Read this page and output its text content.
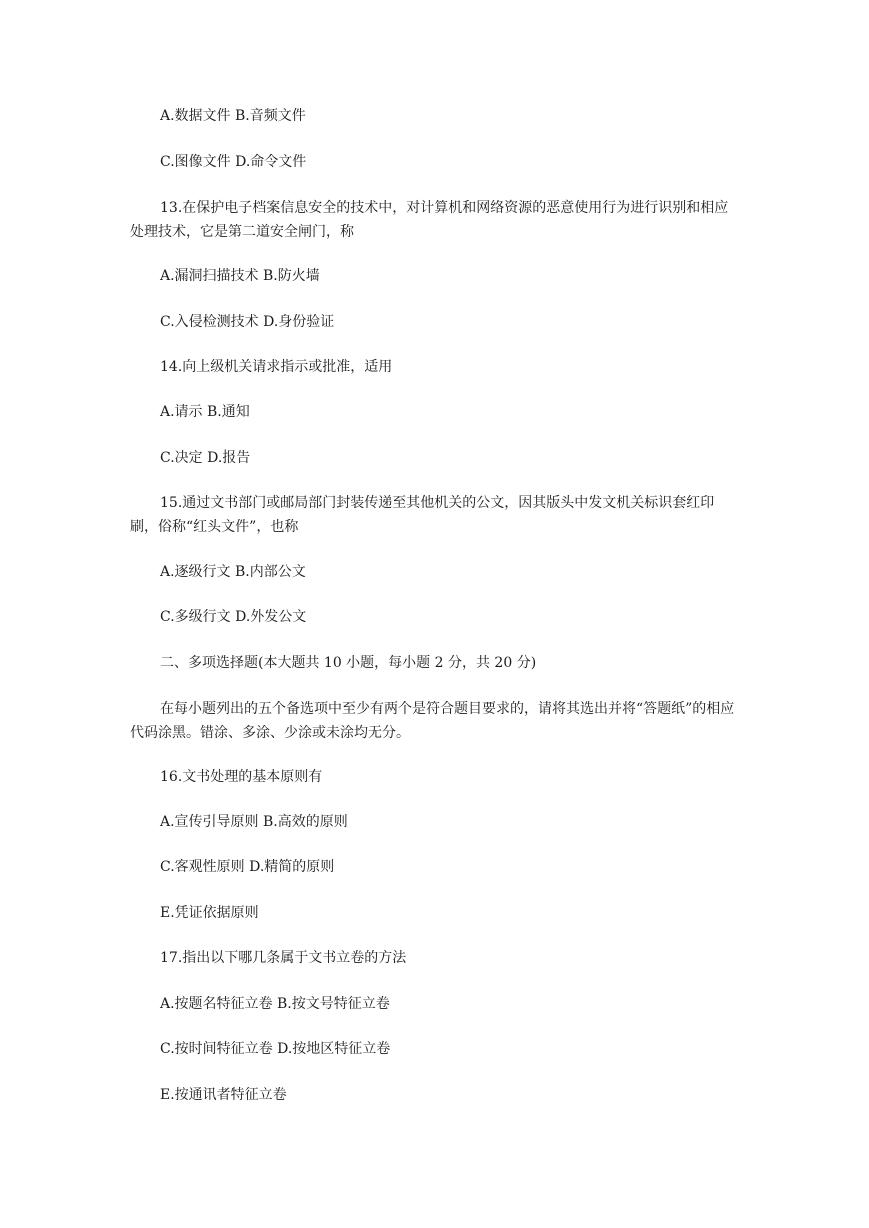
A.数据文件 B.音频文件
C.图像文件 D.命令文件
13.在保护电子档案信息安全的技术中，对计算机和网络资源的恶意使用行为进行识别和相应处理技术，它是第二道安全闸门，称
A.漏洞扫描技术 B.防火墙
C.入侵检测技术 D.身份验证
14.向上级机关请求指示或批准，适用
A.请示 B.通知
C.决定 D.报告
15.通过文书部门或邮局部门封装传递至其他机关的公文，因其版头中发文机关标识套红印刷，俗称“红头文件”，也称
A.逐级行文 B.内部公文
C.多级行文 D.外发公文
二、多项选择题(本大题共 10 小题，每小题 2 分，共 20 分)
在每小题列出的五个备选项中至少有两个是符合题目要求的，请将其选出并将“答题纸”的相应代码涂黑。错涂、多涂、少涂或未涂均无分。
16.文书处理的基本原则有
A.宣传引导原则 B.高效的原则
C.客观性原则 D.精简的原则
E.凭证依据原则
17.指出以下哪几条属于文书立卷的方法
A.按题名特征立卷 B.按文号特征立卷
C.按时间特征立卷 D.按地区特征立卷
E.按通讯者特征立卷
